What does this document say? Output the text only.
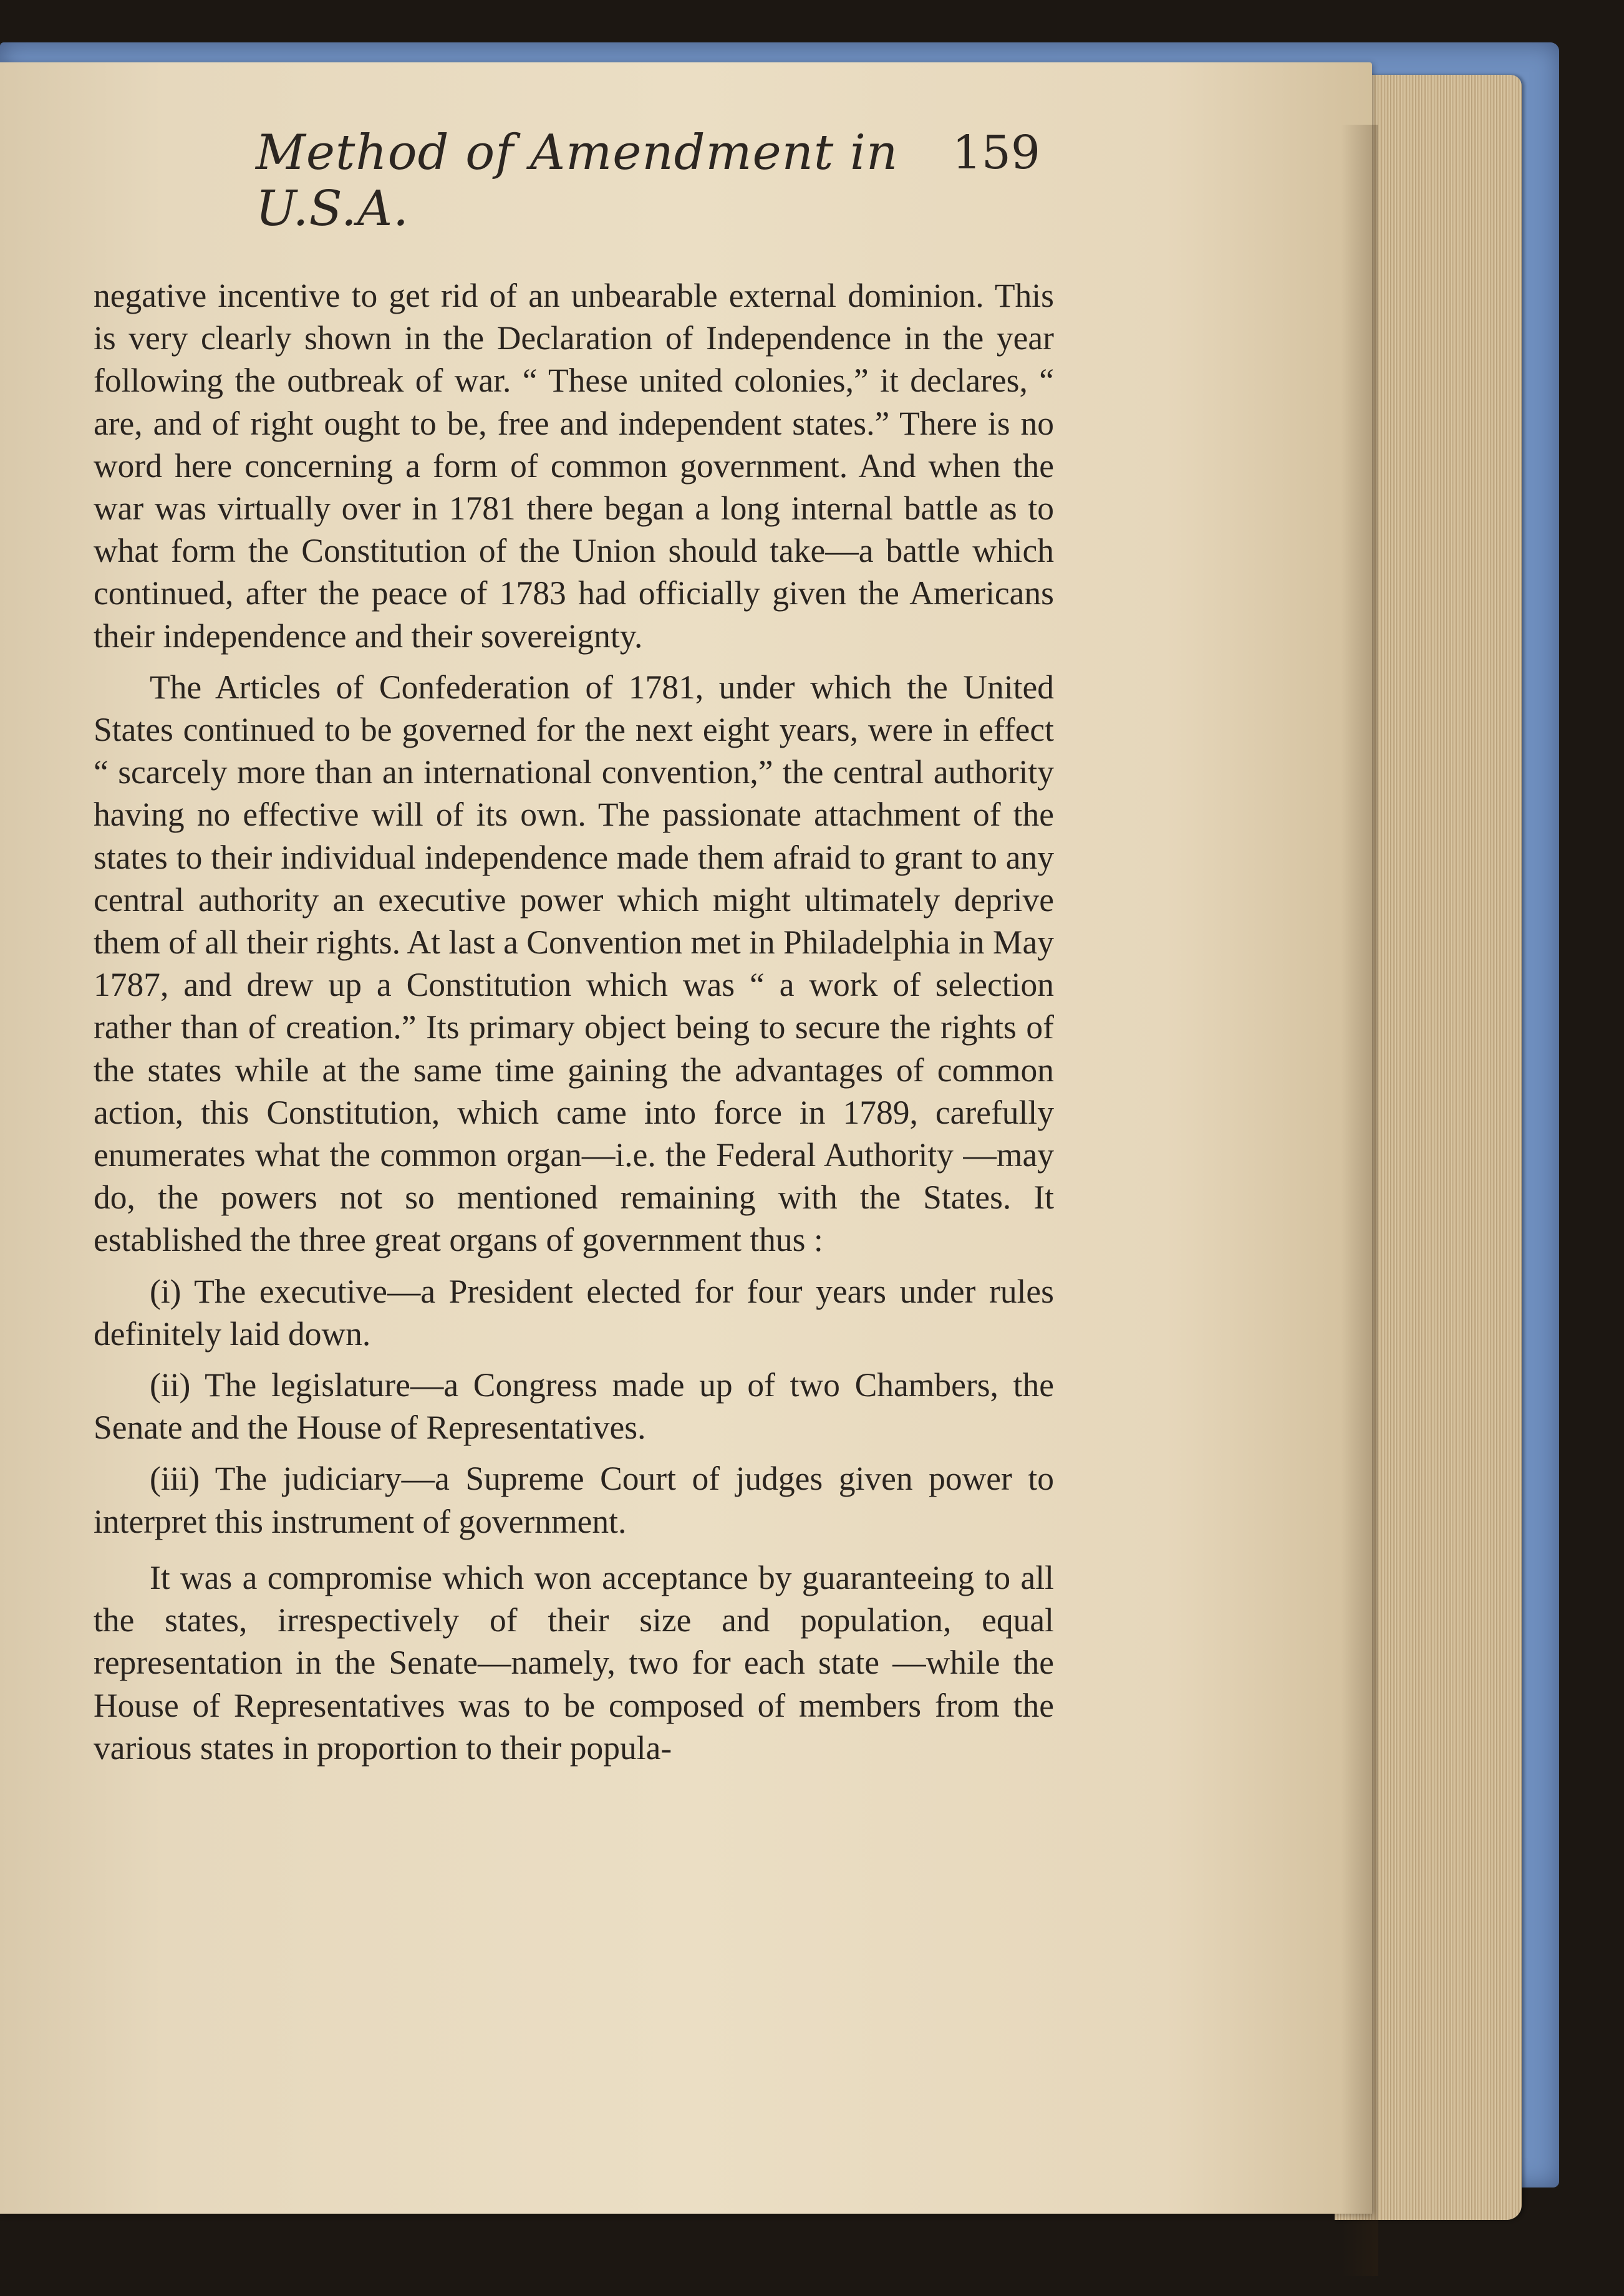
Method of Amendment in U.S.A.
159

negative incentive to get rid of an unbearable external dominion. This is very clearly shown in the Declaration of Independence in the year following the outbreak of war. “ These united colonies,” it declares, “ are, and of right ought to be, free and independent states.” There is no word here concerning a form of common government. And when the war was virtually over in 1781 there began a long internal battle as to what form the Constitution of the Union should take—a battle which continued, after the peace of 1783 had officially given the Americans their independence and their sovereignty.

The Articles of Confederation of 1781, under which the United States continued to be governed for the next eight years, were in effect “ scarcely more than an international convention,” the central authority having no effective will of its own. The passionate attachment of the states to their individual independence made them afraid to grant to any central authority an executive power which might ultimately deprive them of all their rights. At last a Convention met in Philadelphia in May 1787, and drew up a Constitution which was “ a work of selection rather than of creation.” Its primary object being to secure the rights of the states while at the same time gaining the advantages of common action, this Constitution, which came into force in 1789, carefully enumerates what the common organ—i.e. the Federal Authority —may do, the powers not so mentioned remaining with the States. It established the three great organs of government thus :

(i) The executive—a President elected for four years under rules definitely laid down.

(ii) The legislature—a Congress made up of two Chambers, the Senate and the House of Representatives.

(iii) The judiciary—a Supreme Court of judges given power to interpret this instrument of government.

It was a compromise which won acceptance by guaranteeing to all the states, irrespectively of their size and population, equal representation in the Senate—namely, two for each state —while the House of Representatives was to be composed of members from the various states in proportion to their popula-
